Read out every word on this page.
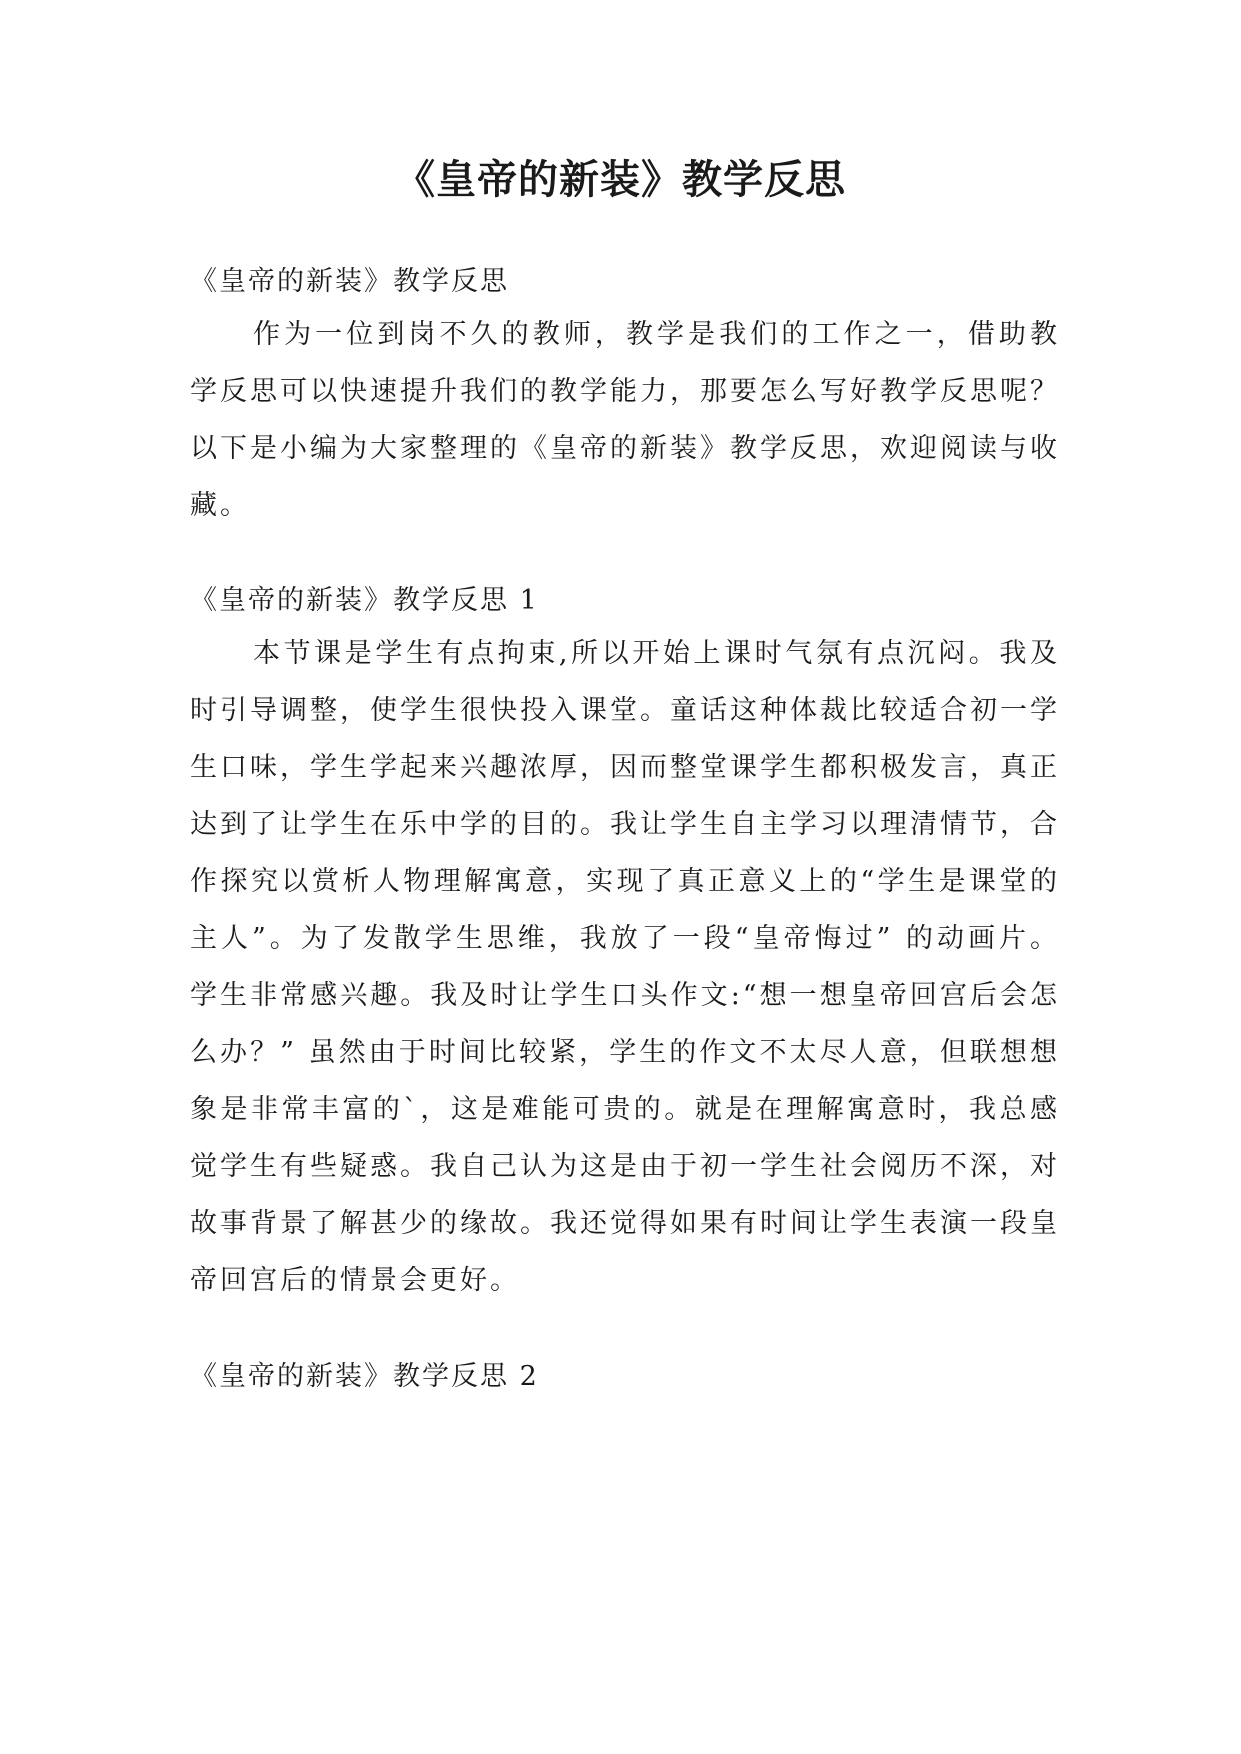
《皇帝的新装》教学反思
《皇帝的新装》教学反思

作为一位到岗不久的教师，教学是我们的工作之一，借助教学反思可以快速提升我们的教学能力，那要怎么写好教学反思呢？以下是小编为大家整理的《皇帝的新装》教学反思，欢迎阅读与收藏。

《皇帝的新装》教学反思 1

本节课是学生有点拘束,所以开始上课时气氛有点沉闷。我及时引导调整，使学生很快投入课堂。童话这种体裁比较适合初一学生口味，学生学起来兴趣浓厚，因而整堂课学生都积极发言，真正达到了让学生在乐中学的目的。我让学生自主学习以理清情节，合作探究以赏析人物理解寓意，实现了真正意义上的“学生是课堂的主人”。为了发散学生思维，我放了一段“皇帝悔过” 的动画片。学生非常感兴趣。我及时让学生口头作文:“想一想皇帝回宫后会怎么办？” 虽然由于时间比较紧，学生的作文不太尽人意，但联想想象是非常丰富的`，这是难能可贵的。就是在理解寓意时，我总感觉学生有些疑惑。我自己认为这是由于初一学生社会阅历不深，对故事背景了解甚少的缘故。我还觉得如果有时间让学生表演一段皇帝回宫后的情景会更好。

《皇帝的新装》教学反思 2
